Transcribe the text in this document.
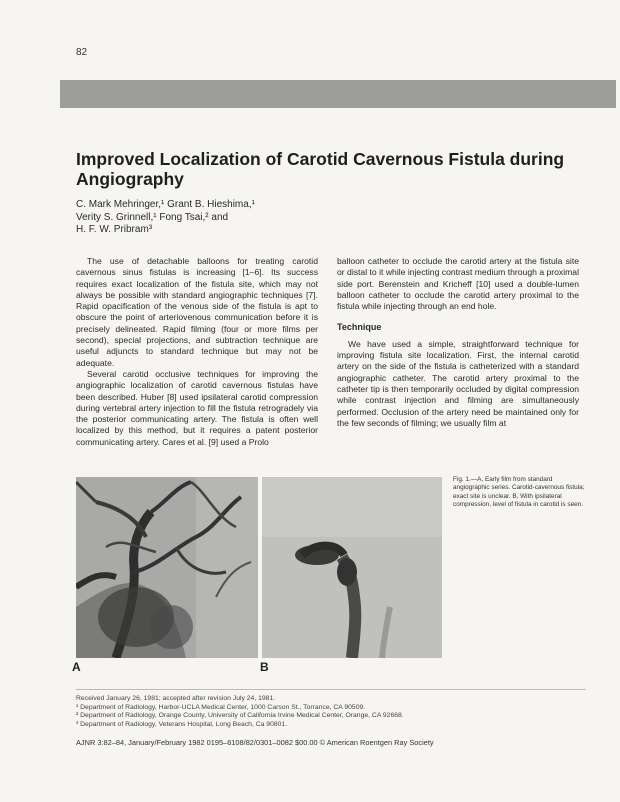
82
Improved Localization of Carotid Cavernous Fistula during Angiography
C. Mark Mehringer,¹ Grant B. Hieshima,¹
Verity S. Grinnell,¹ Fong Tsai,² and
H. F. W. Pribram³

The use of detachable balloons for treating carotid cavernous sinus fistulas is increasing [1–6]. Its success requires exact localization of the fistula site, which may not always be possible with standard angiographic techniques [7]. Rapid opacification of the venous side of the fistula is apt to obscure the point of arteriovenous communication before it is precisely delineated. Rapid filming (four or more films per second), special projections, and subtraction technique are useful adjuncts to standard technique but may not be adequate.

Several carotid occlusive techniques for improving the angiographic localization of carotid cavernous fistulas have been described. Huber [8] used ipsilateral carotid compression during vertebral artery injection to fill the fistula retrogradely via the posterior communicating artery. The fistula is often well localized by this method, but it requires a patent posterior communicating artery. Cares et al. [9] used a Prolo

balloon catheter to occlude the carotid artery at the fistula site or distal to it while injecting contrast medium through a proximal side port. Berenstein and Kricheff [10] used a double-lumen balloon catheter to occlude the carotid artery proximal to the fistula while injecting through an end hole.

Technique

We have used a simple, straightforward technique for improving fistula site localization. First, the internal carotid artery on the side of the fistula is catheterized with a standard angiographic catheter. The carotid artery proximal to the catheter tip is then temporarily occluded by digital compression while contrast injection and filming are simultaneously performed. Occlusion of the artery need be maintained only for the few seconds of filming; we usually film at

A	B
Fig. 1.—A, Early film from standard angiographic series. Carotid-cavernous fistula; exact site is unclear. B, With ipsilateral compression, level of fistula in carotid is seen.
Received January 26, 1981; accepted after revision July 24, 1981.
¹ Department of Radiology, Harbor-UCLA Medical Center, 1000 Carson St., Torrance, CA 90509.
² Department of Radiology, Orange County, University of California Irvine Medical Center, Orange, CA 92668.
³ Department of Radiology, Veterans Hospital, Long Beach, Ca 90801.
AJNR 3:82–84, January/February 1982 0195–6108/82/0301–0082 $00.00 © American Roentgen Ray Society
